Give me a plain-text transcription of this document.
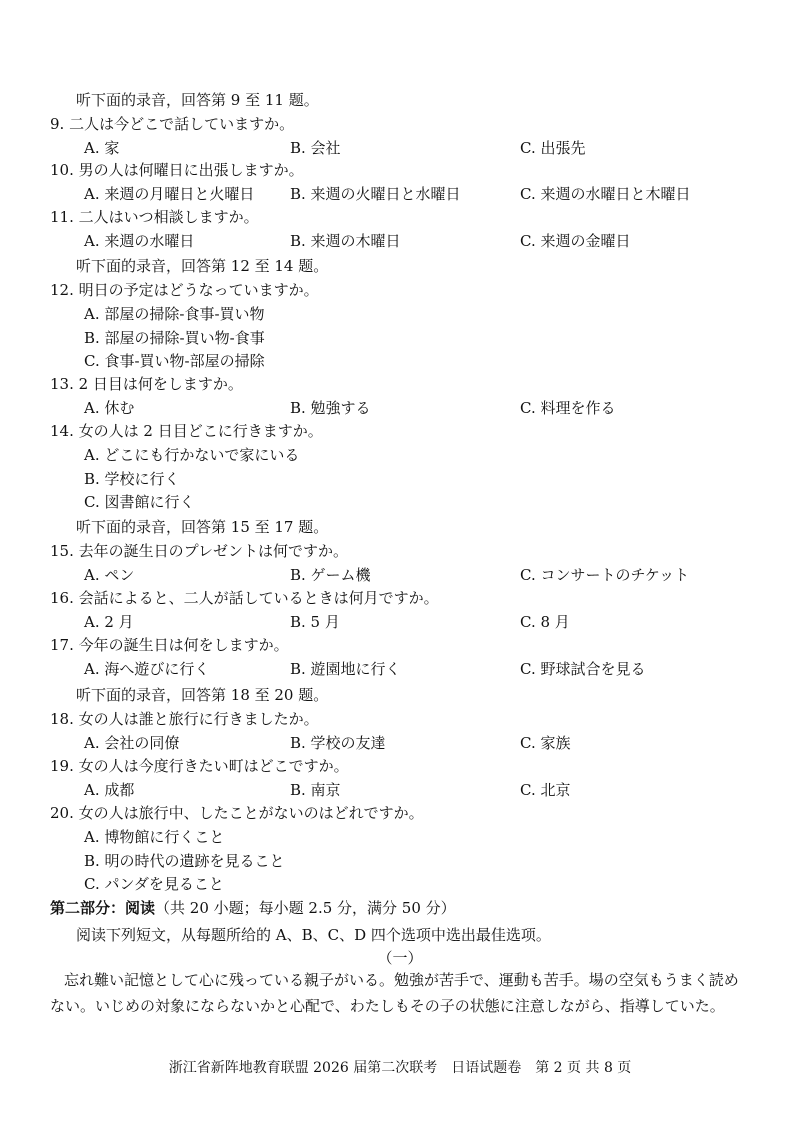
听下面的录音，回答第 9 至 11 题。
9. 二人は今どこで話していますか。
A. 家	B. 会社	C. 出張先
10. 男の人は何曜日に出張しますか。
A. 来週の月曜日と火曜日 B. 来週の火曜日と水曜日	C. 来週の水曜日と木曜日
11. 二人はいつ相談しますか。
A. 来週の水曜日	B. 来週の木曜日	C. 来週の金曜日
听下面的录音，回答第 12 至 14 题。
12. 明日の予定はどうなっていますか。
A. 部屋の掃除-食事-買い物
B. 部屋の掃除-買い物-食事
C. 食事-買い物-部屋の掃除
13. 2 日目は何をしますか。
A. 休む	B. 勉強する	C. 料理を作る
14. 女の人は 2 日目どこに行きますか。
A. どこにも行かないで家にいる
B. 学校に行く
C. 図書館に行く
听下面的录音，回答第 15 至 17 题。
15. 去年の誕生日のプレゼントは何ですか。
A. ペン	B. ゲーム機	C. コンサートのチケット
16. 会話によると、二人が話しているときは何月ですか。
A. 2 月	B. 5 月	C. 8 月
17. 今年の誕生日は何をしますか。
A. 海へ遊びに行く	B. 遊園地に行く	C. 野球試合を見る
听下面的录音，回答第 18 至 20 题。
18. 女の人は誰と旅行に行きましたか。
A. 会社の同僚	B. 学校の友達	C. 家族
19. 女の人は今度行きたい町はどこですか。
A. 成都	B. 南京	C. 北京
20. 女の人は旅行中、したことがないのはどれですか。
A. 博物館に行くこと
B. 明の時代の遺跡を見ること
C. パンダを見ること
第二部分：阅读（共 20 小题；每小题 2.5 分，满分 50 分）
阅读下列短文，从每题所给的 A、B、C、D 四个选项中选出最佳选项。
（一）
忘れ難い記憶として心に残っている親子がいる。勉強が苦手で、運動も苦手。場の空気もうまく読めない。いじめの対象にならないかと心配で、わたしもその子の状態に注意しながら、指導していた。
浙江省新阵地教育联盟 2026 届第二次联考　日语试题卷　第 2 页 共 8 页
